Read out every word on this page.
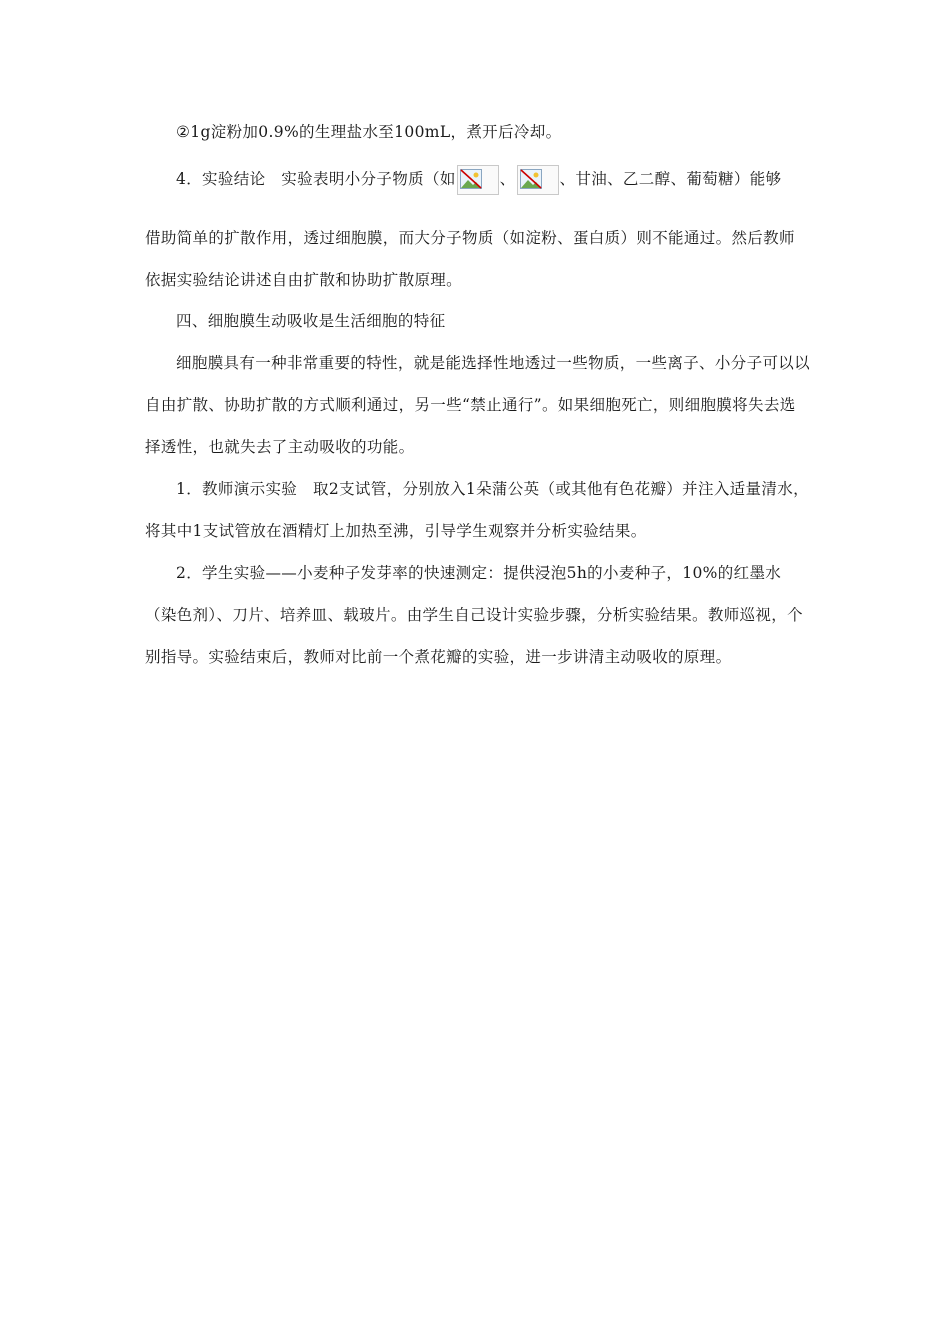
②1g淀粉加0.9%的生理盐水至100mL，煮开后冷却。

4．实验结论　实验表明小分子物质（如	、	、甘油、乙二醇、葡萄糖）能够

借助简单的扩散作用，透过细胞膜，而大分子物质（如淀粉、蛋白质）则不能通过。然后教师依据实验结论讲述自由扩散和协助扩散原理。

四、细胞膜生动吸收是生活细胞的特征

细胞膜具有一种非常重要的特性，就是能选择性地透过一些物质，一些离子、小分子可以以自由扩散、协助扩散的方式顺利通过，另一些“禁止通行”。如果细胞死亡，则细胞膜将失去选择透性，也就失去了主动吸收的功能。

1．教师演示实验　取2支试管，分别放入1朵蒲公英（或其他有色花瓣）并注入适量清水，将其中1支试管放在酒精灯上加热至沸，引导学生观察并分析实验结果。

2．学生实验——小麦种子发芽率的快速测定：提供浸泡5h的小麦种子，10%的红墨水（染色剂）、刀片、培养皿、载玻片。由学生自己设计实验步骤，分析实验结果。教师巡视，个别指导。实验结束后，教师对比前一个煮花瓣的实验，进一步讲清主动吸收的原理。
